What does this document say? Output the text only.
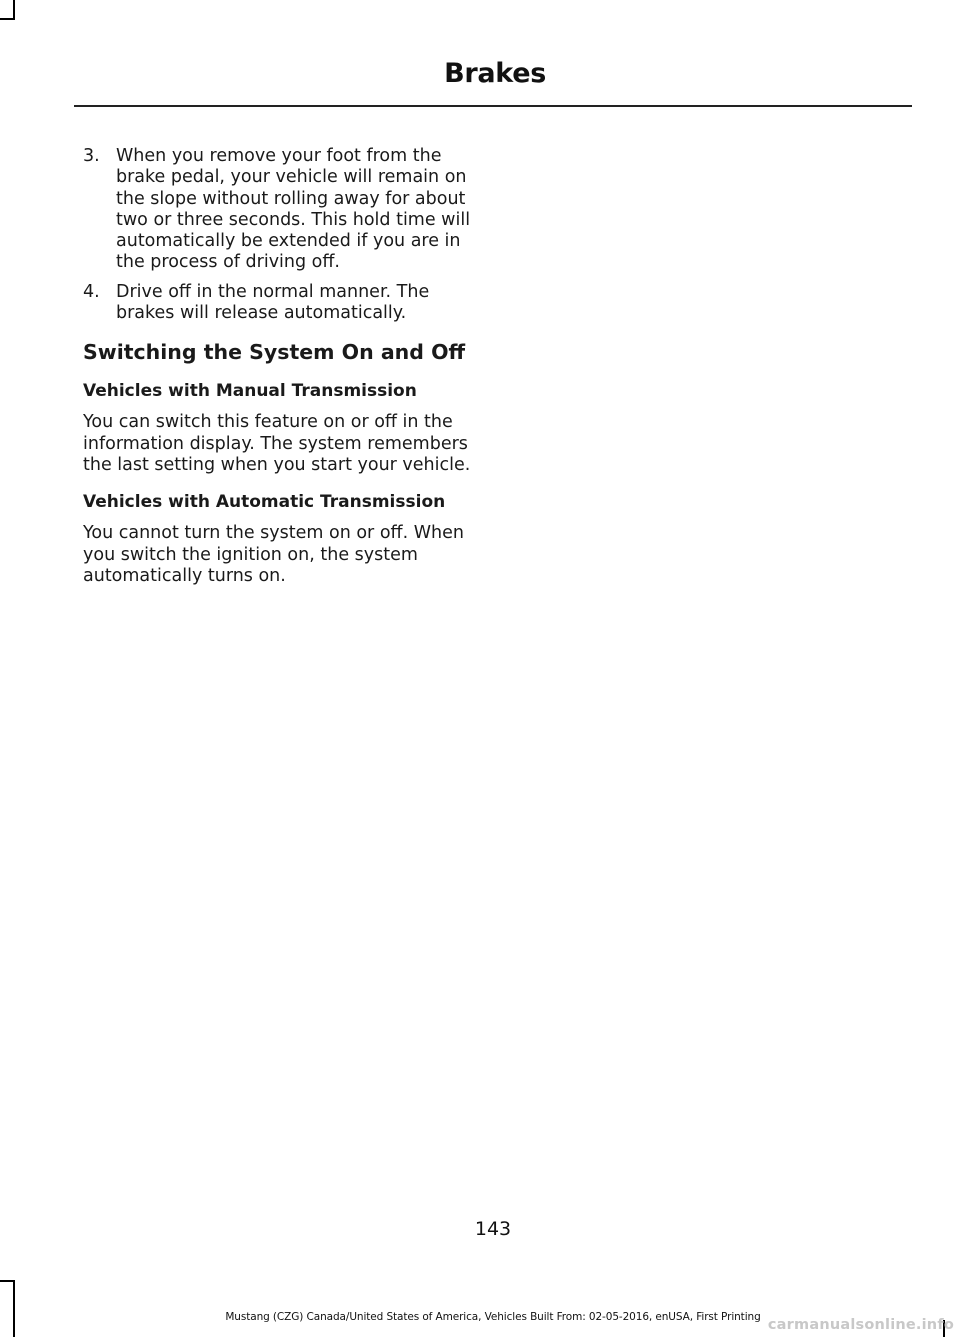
Brakes
3. When you remove your foot from the brake pedal, your vehicle will remain on the slope without rolling away for about two or three seconds. This hold time will automatically be extended if you are in the process of driving off.
4. Drive off in the normal manner. The brakes will release automatically.
Switching the System On and Off
Vehicles with Manual Transmission
You can switch this feature on or off in the information display. The system remembers the last setting when you start your vehicle.
Vehicles with Automatic Transmission
You cannot turn the system on or off. When you switch the ignition on, the system automatically turns on.
143
Mustang (CZG) Canada/United States of America, Vehicles Built From: 02-05-2016, enUSA, First Printing carmanualsonline.info
